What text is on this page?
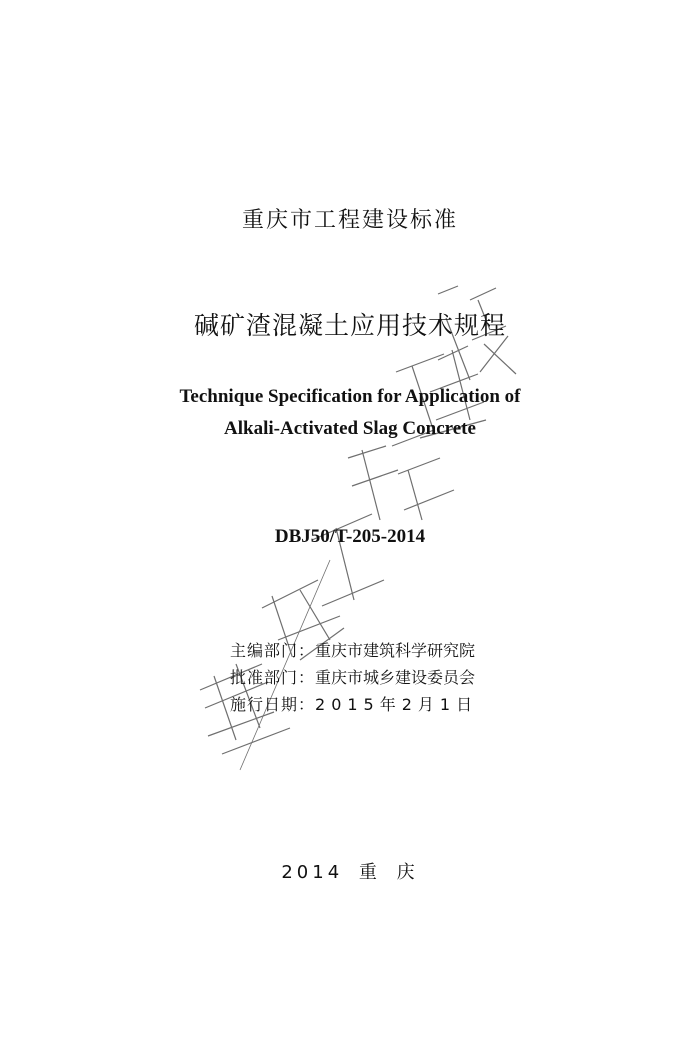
重庆市工程建设标准
碱矿渣混凝土应用技术规程
Technique Specification for Application of
Alkali-Activated Slag Concrete
DBJ50/T-205-2014
主编部门：重庆市建筑科学研究院
批准部门：重庆市城乡建设委员会
施行日期：2015年2月1日
2014 重 庆
